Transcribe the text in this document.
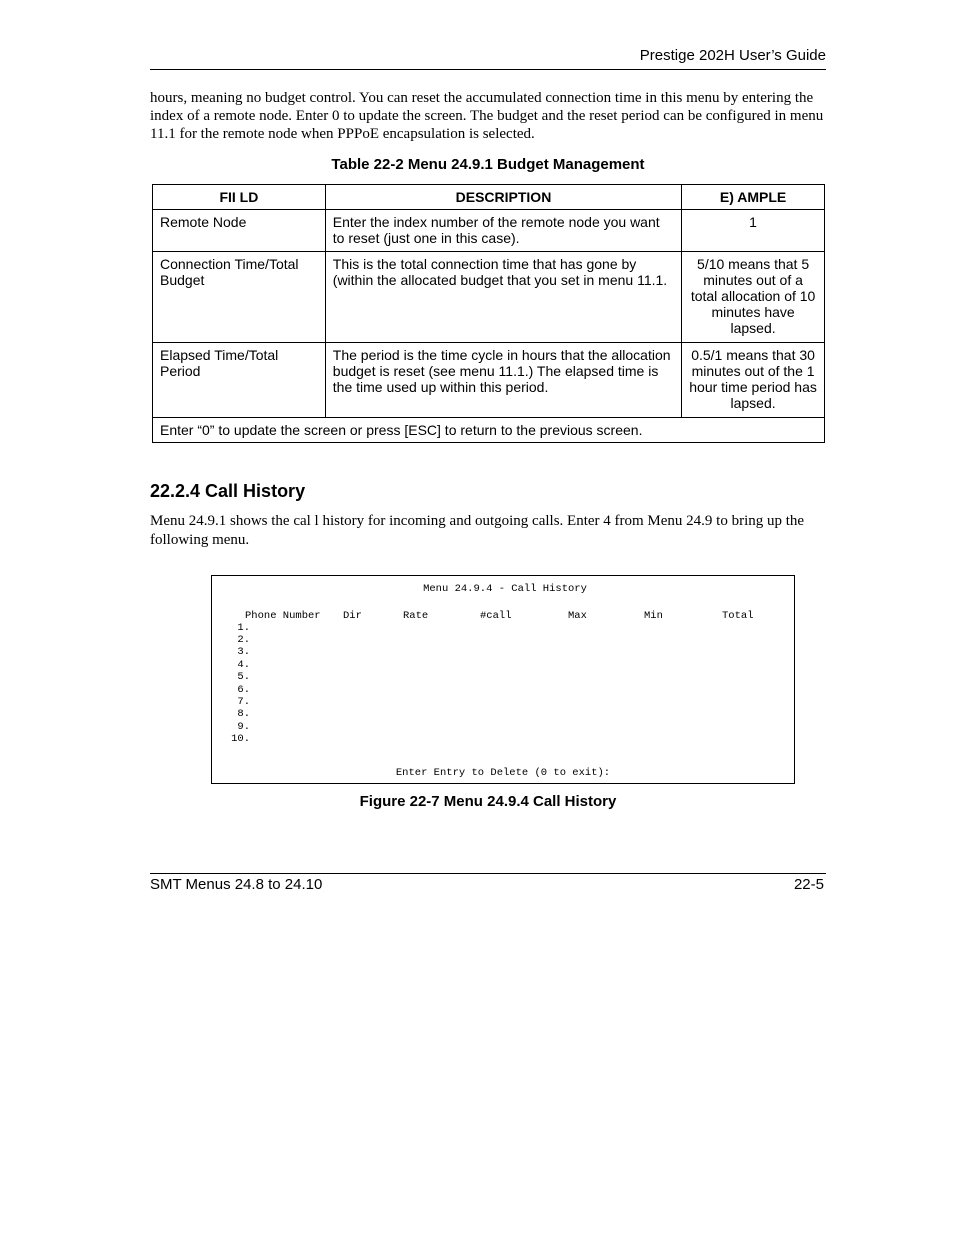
Prestige 202H User’s Guide
hours, meaning no budget control. You can reset the accumulated connection time in this menu by entering the index of a remote node. Enter 0 to update the screen. The budget and the reset period can be configured in menu 11.1 for the remote node when PPPoE encapsulation is selected.
Table 22-2 Menu 24.9.1 Budget Management
FII LD	DESCRIPTION	E) AMPLE
Remote Node	Enter the index number of the remote node you want to reset (just one in this case).	1
Connection Time/Total Budget	This is the total connection time that has gone by (within the allocated budget that you set in menu 11.1.	5/10 means that 5 minutes out of a total allocation of 10 minutes have lapsed.
Elapsed Time/Total Period	The period is the time cycle in hours that the allocation budget is reset (see menu 11.1.) The elapsed time is the time used up within this period.	0.5/1 means that 30 minutes out of the 1 hour time period has lapsed.
Enter “0” to update the screen or press [ESC] to return to the previous screen.		
22.2.4 Call History
Menu 24.9.1 shows the cal l history for incoming and outgoing calls. Enter 4 from Menu 24.9 to bring up the following menu.
Menu 24.9.4 - Call History
Phone Number Dir	Rate	#call	Max	Min	Total
1.
2.
3.
4.
5.
6.
7.
8.
9.
10.
Enter Entry to Delete (0 to exit):
Figure 22-7 Menu 24.9.4 Call History
SMT Menus 24.8 to 24.10	22-5
